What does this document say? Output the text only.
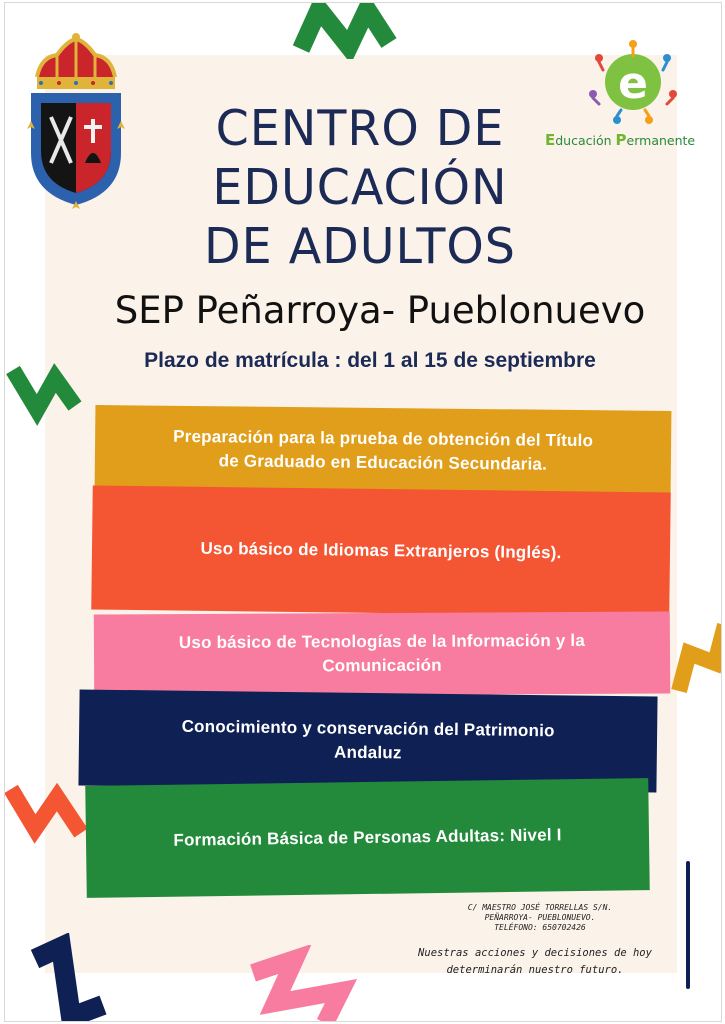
e
Educación Permanente
CENTRO DE
EDUCACIÓN
DE ADULTOS
SEP Peñarroya- Pueblonuevo
Plazo de matrícula : del 1 al 15 de septiembre
Preparación para la prueba de obtención del Título
de Graduado en Educación Secundaria.
Uso básico de Idiomas Extranjeros (Inglés).
Uso básico de Tecnologías de la Información y la
Comunicación
Conocimiento y conservación del Patrimonio
Andaluz
Formación Básica de Personas Adultas: Nivel I
C/ MAESTRO JOSÉ TORRELLAS S/N.
PEÑARROYA- PUEBLONUEVO.
TELÉFONO: 650702426
Nuestras acciones y decisiones de hoy
determinarán nuestro futuro.
